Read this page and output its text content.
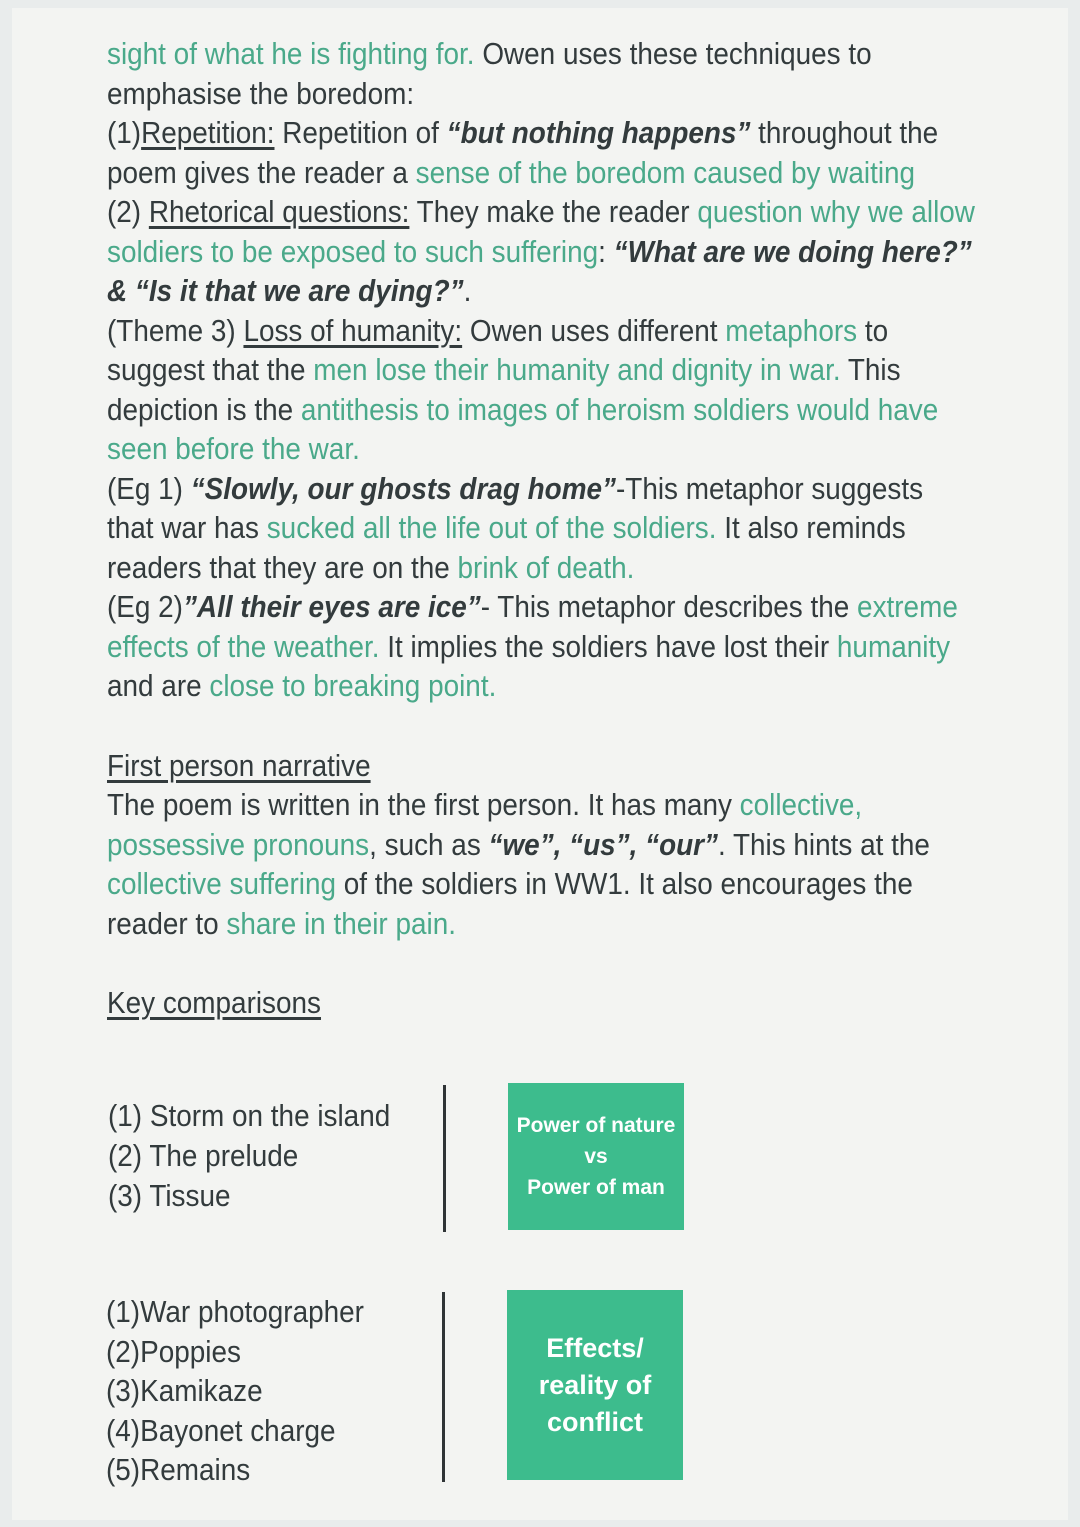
sight of what he is fighting for. Owen uses these techniques to emphasise the boredom:

(1)Repetition: Repetition of “but nothing happens” throughout the poem gives the reader a sense of the boredom caused by waiting

(2) Rhetorical questions: They make the reader question why we allow soldiers to be exposed to such suffering: “What are we doing here?” & “Is it that we are dying?”.

(Theme 3) Loss of humanity: Owen uses different metaphors to suggest that the men lose their humanity and dignity in war. This depiction is the antithesis to images of heroism soldiers would have seen before the war.

(Eg 1) “Slowly, our ghosts drag home”-This metaphor suggests that war has sucked all the life out of the soldiers. It also reminds readers that they are on the brink of death.

(Eg 2)”All their eyes are ice”- This metaphor describes the extreme effects of the weather. It implies the soldiers have lost their humanity and are close to breaking point.

First person narrative

The poem is written in the first person. It has many collective, possessive pronouns, such as “we”, “us”, “our”. This hints at the collective suffering of the soldiers in WW1. It also encourages the reader to share in their pain.

Key comparisons

(1) Storm on the island
(2) The prelude
(3) Tissue
Power of nature
vs
Power of man
(1)War photographer
(2)Poppies
(3)Kamikaze
(4)Bayonet charge
(5)Remains
Effects/
reality of
conflict
